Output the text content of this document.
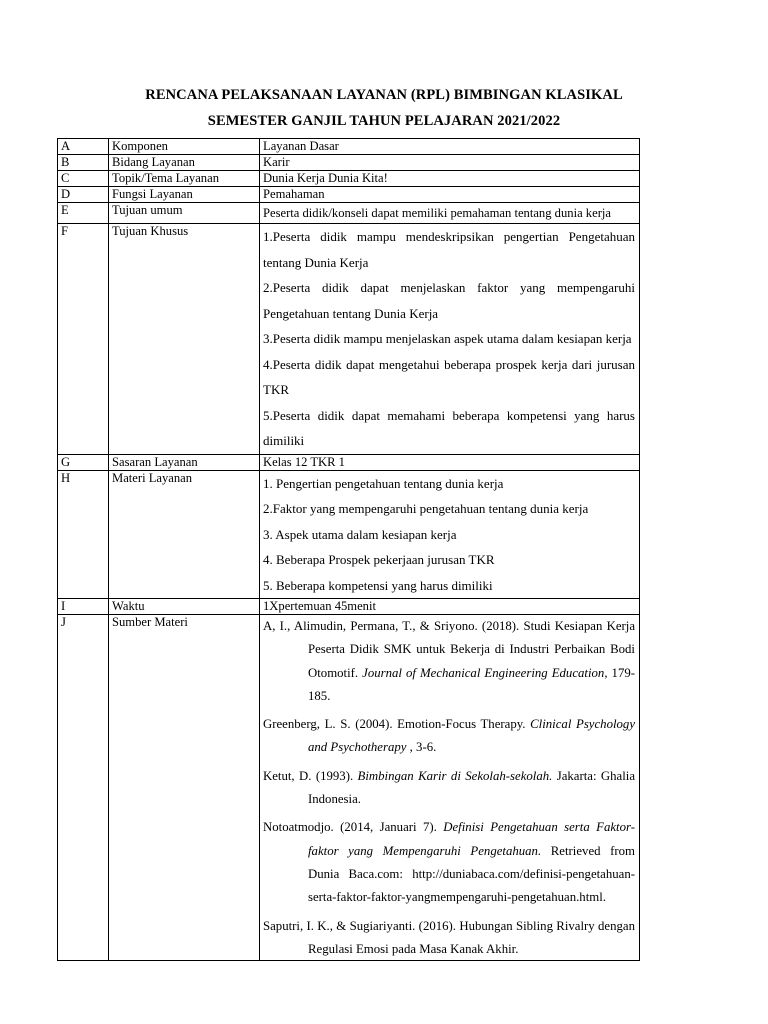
RENCANA PELAKSANAAN LAYANAN (RPL) BIMBINGAN KLASIKAL
SEMESTER GANJIL TAHUN PELAJARAN 2021/2022
A	Komponen	Layanan Dasar
B	Bidang Layanan	Karir
C	Topik/Tema Layanan	Dunia Kerja Dunia Kita!
D	Fungsi Layanan	Pemahaman
E	Tujuan umum	Peserta didik/konseli dapat memiliki pemahaman tentang dunia kerja
F	Tujuan Khusus	1.Peserta didik mampu mendeskripsikan pengertian Pengetahuan tentang Dunia Kerja

2.Peserta didik dapat menjelaskan faktor yang mempengaruhi Pengetahuan tentang Dunia Kerja

3.Peserta didik mampu menjelaskan aspek utama dalam kesiapan kerja

4.Peserta didik dapat mengetahui beberapa prospek kerja dari jurusan TKR

5.Peserta didik dapat memahami beberapa kompetensi yang harus dimiliki

G	Sasaran Layanan	Kelas 12 TKR 1
H	Materi Layanan	1. Pengertian pengetahuan tentang dunia kerja

2.Faktor yang mempengaruhi pengetahuan tentang dunia kerja

3. Aspek utama dalam kesiapan kerja

4. Beberapa Prospek pekerjaan jurusan TKR

5. Beberapa kompetensi yang harus dimiliki

I	Waktu	1Xpertemuan 45menit
J	Sumber Materi	A, I., Alimudin, Permana, T., & Sriyono. (2018). Studi Kesiapan Kerja Peserta Didik SMK untuk Bekerja di Industri Perbaikan Bodi Otomotif. Journal of Mechanical Engineering Education, 179-185.

Greenberg, L. S. (2004). Emotion-Focus Therapy. Clinical Psychology and Psychotherapy , 3-6.

Ketut, D. (1993). Bimbingan Karir di Sekolah-sekolah. Jakarta: Ghalia Indonesia.

Notoatmodjo. (2014, Januari 7). Definisi Pengetahuan serta Faktor-faktor yang Mempengaruhi Pengetahuan. Retrieved from Dunia Baca.com: http://duniabaca.com/definisi-pengetahuan-serta-faktor-faktor-yangmempengaruhi-pengetahuan.html.

Saputri, I. K., & Sugiariyanti. (2016). Hubungan Sibling Rivalry dengan Regulasi Emosi pada Masa Kanak Akhir.
